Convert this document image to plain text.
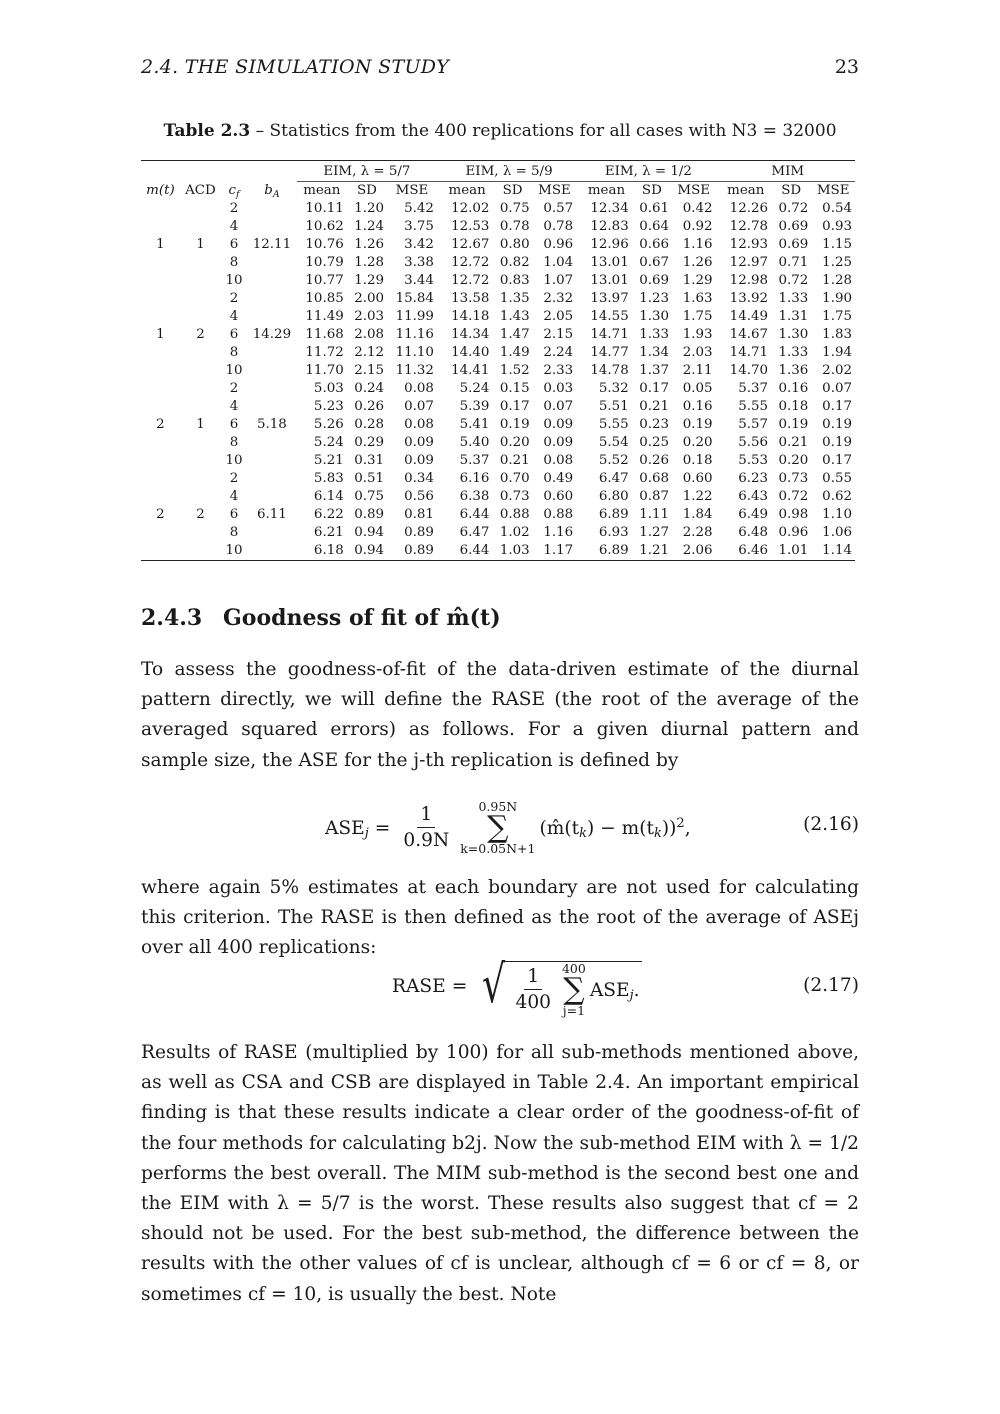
2.4. THE SIMULATION STUDY	23
Table 2.3 – Statistics from the 400 replications for all cases with N3 = 32000
				EIM, λ = 5/7			EIM, λ = 5/9			EIM, λ = 1/2			MIM		
m(t)	ACD	$c_f$	$b_A$	mean	SD	MSE	mean	SD	MSE	mean	SD	MSE	mean	SD	MSE
		2		10.11	1.20	5.42	12.02	0.75	0.57	12.34	0.61	0.42	12.26	0.72	0.54
		4		10.62	1.24	3.75	12.53	0.78	0.78	12.83	0.64	0.92	12.78	0.69	0.93
1	1	6	12.11	10.76	1.26	3.42	12.67	0.80	0.96	12.96	0.66	1.16	12.93	0.69	1.15
		8		10.79	1.28	3.38	12.72	0.82	1.04	13.01	0.67	1.26	12.97	0.71	1.25
		10		10.77	1.29	3.44	12.72	0.83	1.07	13.01	0.69	1.29	12.98	0.72	1.28
		2		10.85	2.00	15.84	13.58	1.35	2.32	13.97	1.23	1.63	13.92	1.33	1.90
		4		11.49	2.03	11.99	14.18	1.43	2.05	14.55	1.30	1.75	14.49	1.31	1.75
1	2	6	14.29	11.68	2.08	11.16	14.34	1.47	2.15	14.71	1.33	1.93	14.67	1.30	1.83
		8		11.72	2.12	11.10	14.40	1.49	2.24	14.77	1.34	2.03	14.71	1.33	1.94
		10		11.70	2.15	11.32	14.41	1.52	2.33	14.78	1.37	2.11	14.70	1.36	2.02
		2		5.03	0.24	0.08	5.24	0.15	0.03	5.32	0.17	0.05	5.37	0.16	0.07
		4		5.23	0.26	0.07	5.39	0.17	0.07	5.51	0.21	0.16	5.55	0.18	0.17
2	1	6	5.18	5.26	0.28	0.08	5.41	0.19	0.09	5.55	0.23	0.19	5.57	0.19	0.19
		8		5.24	0.29	0.09	5.40	0.20	0.09	5.54	0.25	0.20	5.56	0.21	0.19
		10		5.21	0.31	0.09	5.37	0.21	0.08	5.52	0.26	0.18	5.53	0.20	0.17
		2		5.83	0.51	0.34	6.16	0.70	0.49	6.47	0.68	0.60	6.23	0.73	0.55
		4		6.14	0.75	0.56	6.38	0.73	0.60	6.80	0.87	1.22	6.43	0.72	0.62
2	2	6	6.11	6.22	0.89	0.81	6.44	0.88	0.88	6.89	1.11	1.84	6.49	0.98	1.10
		8		6.21	0.94	0.89	6.47	1.02	1.16	6.93	1.27	2.28	6.48	0.96	1.06
		10		6.18	0.94	0.89	6.44	1.03	1.17	6.89	1.21	2.06	6.46	1.01	1.14
2.4.3 Goodness of fit of m̂(t)
To assess the goodness-of-fit of the data-driven estimate of the diurnal pattern directly, we will define the RASE (the root of the average of the averaged squared errors) as follows. For a given diurnal pattern and sample size, the ASE for the j-th replication is defined by
$ASE_j = \frac{1}{0.9N} 0.95N$
∑
k=0.05N+1
$(m̂(t_k) - m(t_k))^2$,	(2.16)
where again 5% estimates at each boundary are not used for calculating this criterion. The RASE is then defined as the root of the average of ASEj over all 400 replications:
RASE = √ $\frac{1}{400} 400$
∑
j=1
$ASE_j$.	(2.17)
Results of RASE (multiplied by 100) for all sub-methods mentioned above, as well as CSA and CSB are displayed in Table 2.4. An important empirical finding is that these results indicate a clear order of the goodness-of-fit of the four methods for calculating b2j. Now the sub-method EIM with λ = 1/2 performs the best overall. The MIM sub-method is the second best one and the EIM with λ = 5/7 is the worst. These results also suggest that cf = 2 should not be used. For the best sub-method, the difference between the results with the other values of cf is unclear, although cf = 6 or cf = 8, or sometimes cf = 10, is usually the best. Note
